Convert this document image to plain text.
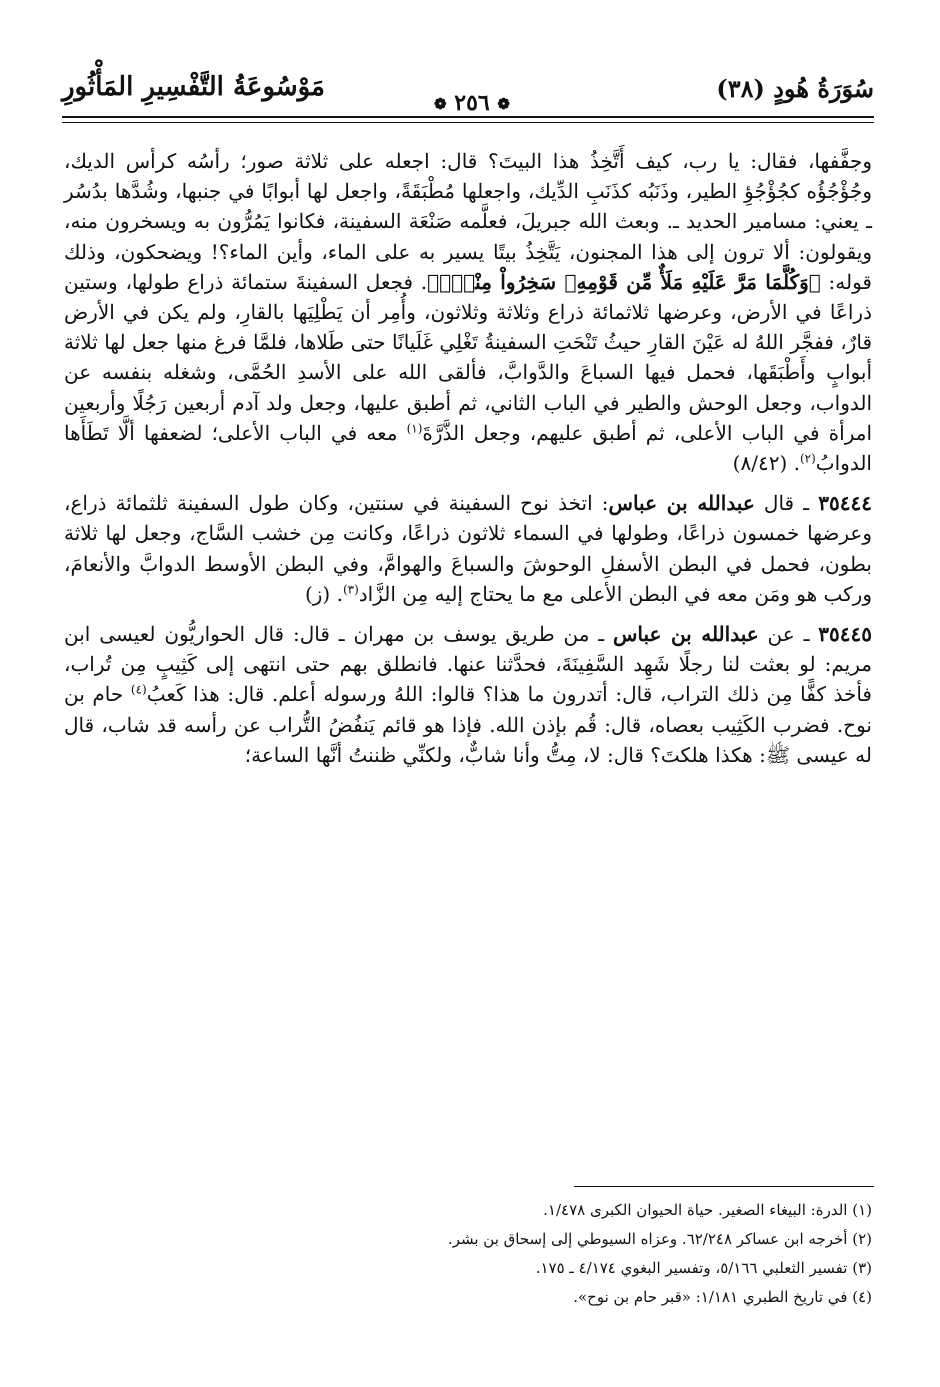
سُوَرَةُ هُودٍ (٣٨)
❁ ٢٥٦ ❁
مَوْسُوعَةُ التَّفْسِيرِ المَأْثُورِ

وجفَّفها، فقال: يا رب، كيف أَتَّخِذُ هذا البيتَ؟ قال: اجعله على ثلاثة صور؛ رأسُه كرأس الديك، وجُؤْجُؤُه كجُؤْجُؤِ الطير، وذَنَبُه كذَنَبِ الدِّيك، واجعلها مُطْبَقَةً، واجعل لها أبوابًا في جنبها، وشُدَّها بدُسُر ـ يعني: مسامير الحديد ـ. وبعث الله جبريلَ، فعلَّمه صَنْعَة السفينة، فكانوا يَمُرُّون به ويسخرون منه، ويقولون: ألا ترون إلى هذا المجنون، يَتَّخِذُ بيتًا يسير به على الماء، وأين الماء؟! ويضحكون، وذلك قوله: ﴿وَكُلَّمَا مَرَّ عَلَيْهِ مَلَأٌ مِّن قَوْمِهِۦ سَخِرُواْ مِنْهُۚ﴾. فجعل السفينةَ ستمائة ذراع طولها، وستين ذراعًا في الأرض، وعرضها ثلاثمائة ذراع وثلاثة وثلاثون، وأُمِر أن يَطْلِيَها بالقارِ، ولم يكن في الأرض قارٌ، ففجَّر اللهُ له عَيْنَ القارِ حيثُ تَنْحَتِ السفينةُ تَغْلِي غَلَيانًا حتى طَلاها، فلمَّا فرغ منها جعل لها ثلاثة أبوابٍ وأَطْبَقَها، فحمل فيها السباعَ والدَّوابَّ، فألقى الله على الأسدِ الحُمَّى، وشغله بنفسه عن الدواب، وجعل الوحش والطير في الباب الثاني، ثم أطبق عليها، وجعل ولد آدم أربعين رَجُلًا وأربعين امرأة في الباب الأعلى، ثم أطبق عليهم، وجعل الذَّرَّةَ$^{(١)}$ معه في الباب الأعلى؛ لضعفها ألَّا تَطَأَها الدوابُ$^{(٢)}$. (٨/٤٢)

٣٥٤٤٤ ـ قال عبدالله بن عباس: اتخذ نوح السفينة في سنتين، وكان طول السفينة ثلثمائة ذراع، وعرضها خمسون ذراعًا، وطولها في السماء ثلاثون ذراعًا، وكانت مِن خشب السَّاج، وجعل لها ثلاثة بطون، فحمل في البطن الأسفلِ الوحوشَ والسباعَ والهوامَّ، وفي البطن الأوسط الدوابَّ والأنعامَ، وركب هو ومَن معه في البطن الأعلى مع ما يحتاج إليه مِن الزَّاد$^{(٣)}$. (ز)

٣٥٤٤٥ ـ عن عبدالله بن عباس ـ من طريق يوسف بن مهران ـ قال: قال الحواريُّون لعيسى ابن مريم: لو بعثت لنا رجلًا شَهِد السَّفِينَةَ، فحدَّثنا عنها. فانطلق بهم حتى انتهى إلى كَثِيبٍ مِن تُراب، فأخذ كفًّا مِن ذلك التراب، قال: أتدرون ما هذا؟ قالوا: اللهُ ورسوله أعلم. قال: هذا كَعبُ$^{(٤)}$ حام بن نوح. فضرب الكَثِيب بعصاه، قال: قُم بإذن الله. فإذا هو قائم يَنفُضُ التُّراب عن رأسه قد شاب، قال له عيسى ﷺ: هكذا هلكتَ؟ قال: لا، مِتُّ وأنا شابٌّ، ولكنِّي ظننتُ أنَّها الساعة؛

(١) الدرة: البيغاء الصغير. حياة الحيوان الكبرى ١/٤٧٨.
(٢) أخرجه ابن عساكر ٦٢/٢٤٨. وعزاه السيوطي إلى إسحاق بن بشر.
(٣) تفسير الثعلبي ٥/١٦٦، وتفسير البغوي ٤/١٧٤ ـ ١٧٥.
(٤) في تاريخ الطبري ١/١٨١: «قبر حام بن نوح».
